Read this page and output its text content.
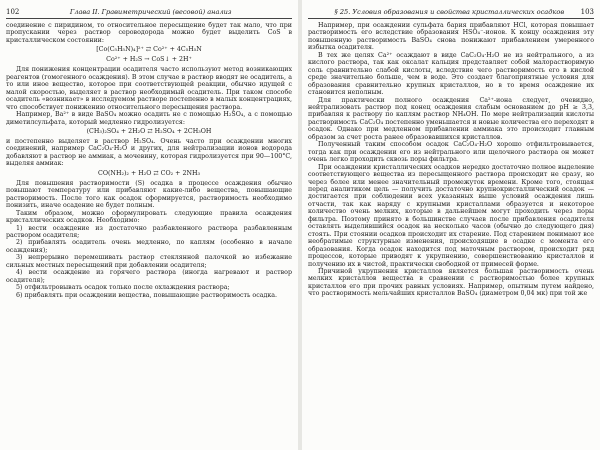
102	Глава II. Гравиметрический (весовой) анализ

соединение с пиридином, то относительное пересыщение будет так мало, что при пропускании через раствор сероводорода можно будет выделить CoS в кристаллическом состоянии:

[Co(C₅H₅N)₄]²⁺ ⇄ Co²⁺ + 4C₅H₅N
Co²⁺ + H₂S → CoS↓ + 2H⁺

Для понижения концентрации осадителя часто используют метод возникающих реагентов (гомогенного осаждения). В этом случае в раствор вводят не осадитель, а то или иное вещество, которое при соответствующей реакции, обычно идущей с малой скоростью, выделяет в раствор необходимый осадитель. При таком способе осадитель «возникает» в исследуемом растворе постепенно в малых концентрациях, что способствует понижению относительного пересыщения раствора.

Например, Ba²⁺ в виде BaSO₄ можно осадить не с помощью H₂SO₄, а с помощью диметилсульфата, который медленно гидролизуется:

(CH₃)₂SO₄ + 2H₂O ⇄ H₂SO₄ + 2CH₃OH

и постепенно выделяет в раствор H₂SO₄. Очень часто при осаждении многих соединений, например CaC₂O₄·H₂O и других, для нейтрализации ионов водорода добавляют в раствор не аммиак, а мочевину, которая гидролизуется при 90—100°C, выделяя аммиак:

CO(NH₂)₂ + H₂O ⇄ CO₂ + 2NH₃

Для повышения растворимости (S) осадка в процессе осаждения обычно повышают температуру или прибавляют какие-либо вещества, повышающие растворимость. После того как осадок сформируется, растворимость необходимо понизить, иначе осадение не будет полным.

Таким образом, можно сформулировать следующие правила осаждения кристаллических осадков. Необходимо:

1) вести осаждение из достаточно разбавленного раствора разбавленным раствором осадителя;

2) прибавлять осадитель очень медленно, по каплям (особенно в начале осаждения);

3) непрерывно перемешивать раствор стеклянной палочкой во избежание сильных местных пересыщений при добавлении осадителя;

4) вести осаждение из горячего раствора (иногда нагревают и раствор осадителя);

5) отфильтровывать осадок только после охлаждения раствора;

6) прибавлять при осаждении вещества, повышающие растворимость осадка.

§ 25. Условия образования и свойства кристаллических осадков 103

Например, при осаждении сульфата бария прибавляют HCl, которая повышает растворимость его вследствие образования HSO₄⁻-ионов. К концу осаждения эту повышенную растворимость BaSO₄ снова понижают прибавлением умеренного избытка осадителя.

В тех же целях Ca²⁺ осаждают в виде CaC₂O₄·H₂O не из нейтрального, а из кислого раствора, так как оксалат кальция представляет собой малорастворимую соль сравнительно слабой кислоты, вследствие чего растворимость его в кислой среде значительно больше, чем в воде. Это создает благоприятные условия для образования сравнительно крупных кристаллов, но в то время осаждение их становится неполным.

Для практически полного осаждения Ca²⁺-иона следует, очевидно, нейтрализовать раствор под конец осаждения слабым основанием до pH ≥ 3,3, прибавляя к раствору по каплям раствор NH₄OH. По мере нейтрализации кислоты растворимость CaC₂O₄ постепенно уменьшается и новые количества его переходят в осадок. Однако при медленном прибавлении аммиака это происходит главным образом за счет роста ранее образовавшихся кристаллов.

Полученный таким способом осадок CaC₂O₄·H₂O хорошо отфильтровывается, тогда как при осаждении его из нейтрального или щелочного раствора он может очень легко проходить сквозь поры фильтра.

При осаждении кристаллических осадков нередко достаточно полное выделение соответствующего вещества из пересыщенного раствора происходит не сразу, но через более или менее значительный промежуток времени. Кроме того, стоящая перед аналитиком цель — получить достаточно крупнокристаллический осадок — достигается при соблюдении всех указанных выше условий осаждения лишь отчасти, так как наряду с крупными кристаллами образуется и некоторое количество очень мелких, которые в дальнейшем могут проходить через поры фильтра. Поэтому принято в большинстве случаев после прибавления осадителя оставлять выделившийся осадок на несколько часов (обычно до следующего дня) стоять. При стоянии осадков происходит их старение. Под старением понимают все необратимые структурные изменения, происходящие в осадке с момента его образования. Когда осадок находится под маточным раствором, происходит ряд процессов, которые приводят к укрупнению, совершенствованию кристаллов и получению их в чистой, практически свободной от примесей форме.

Причиной укрупнения кристаллов является большая растворимость очень мелких кристаллов вещества в сравнении с растворимостью более крупных кристаллов его при прочих равных условиях. Например, опытным путем найдено, что растворимость мельчайших кристаллов BaSO₄ (диаметром 0,04 мк) при той же
